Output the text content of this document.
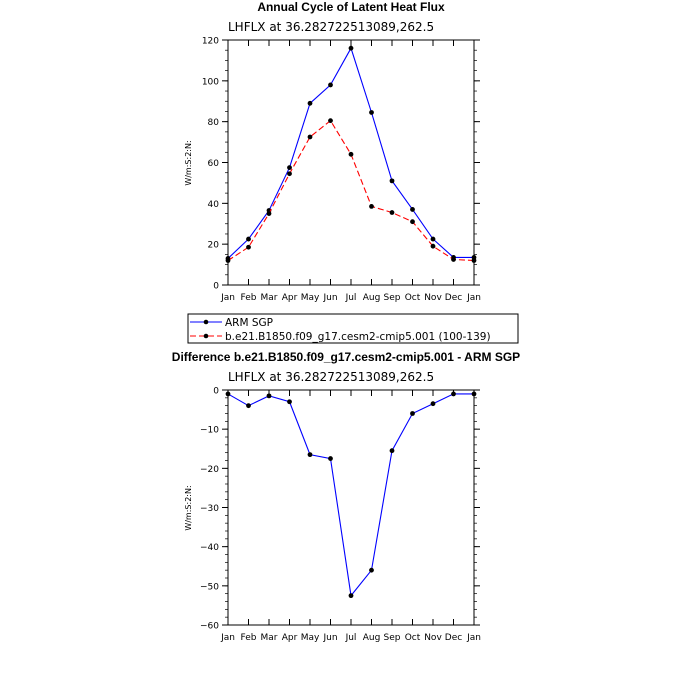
Annual Cycle of Latent Heat Flux
LHFLX at 36.282722513089,262.5
W/m:S:2:N:
0
20
40
60
80
100
120
Jan Feb Mar Apr May Jun Jul Aug Sep Oct Nov Dec Jan
ARM SGP
b.e21.B1850.f09_g17.cesm2-cmip5.001 (100-139)
Difference b.e21.B1850.f09_g17.cesm2-cmip5.001 - ARM SGP
LHFLX at 36.282722513089,262.5
W/m:S:2:N:
−60
−50
−40
−30
−20
−10
0
Jan Feb Mar Apr May Jun Jul Aug Sep Oct Nov Dec Jan
